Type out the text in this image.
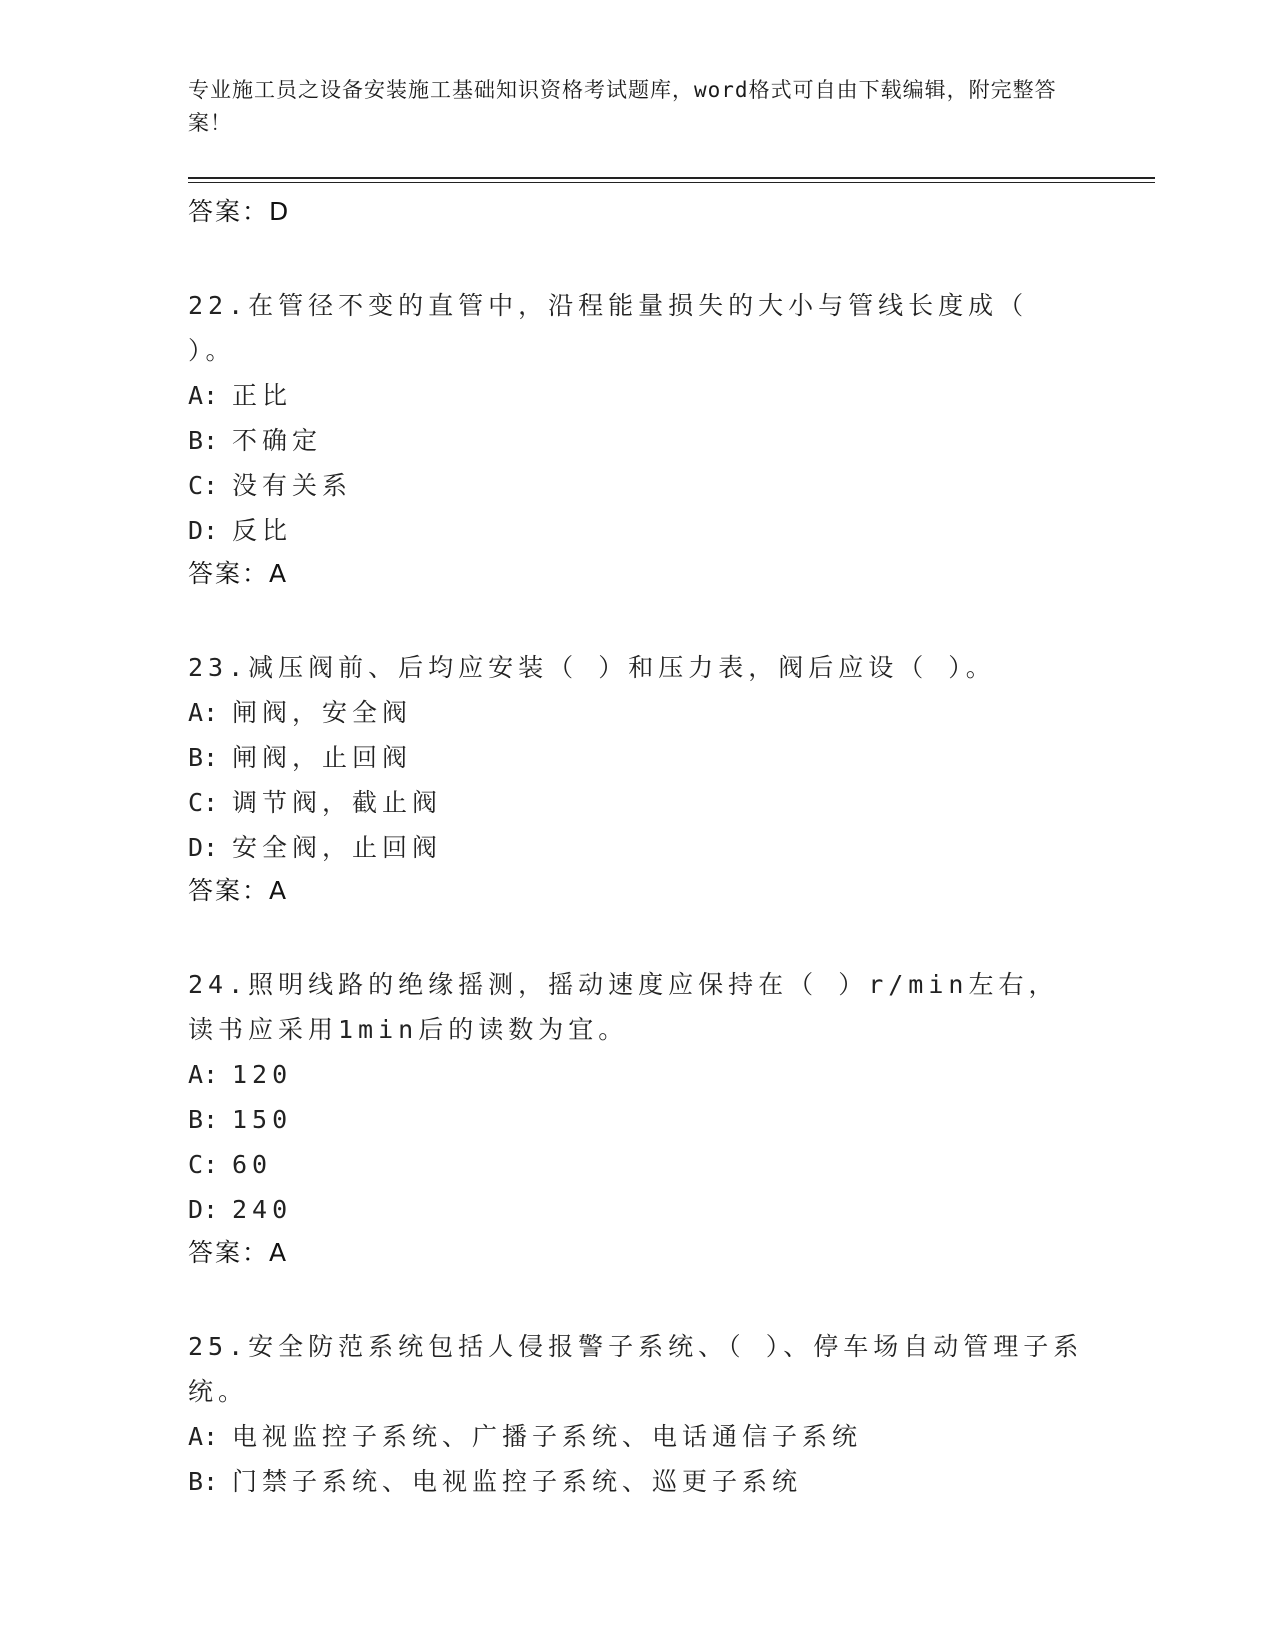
专业施工员之设备安装施工基础知识资格考试题库，word格式可自由下载编辑，附完整答案！
答案：D
22.在管径不变的直管中，沿程能量损失的大小与管线长度成（ ）。
A: 正比
B: 不确定
C: 没有关系
D: 反比
答案：A
23.减压阀前、后均应安装（ ）和压力表，阀后应设（ ）。
A: 闸阀，安全阀
B: 闸阀，止回阀
C: 调节阀，截止阀
D: 安全阀，止回阀
答案：A
24.照明线路的绝缘摇测，摇动速度应保持在（ ）r/min左右，读书应采用1min后的读数为宜。
A: 120
B: 150
C: 60
D: 240
答案：A
25.安全防范系统包括人侵报警子系统、（ ）、停车场自动管理子系统。
A: 电视监控子系统、广播子系统、电话通信子系统
B: 门禁子系统、电视监控子系统、巡更子系统
